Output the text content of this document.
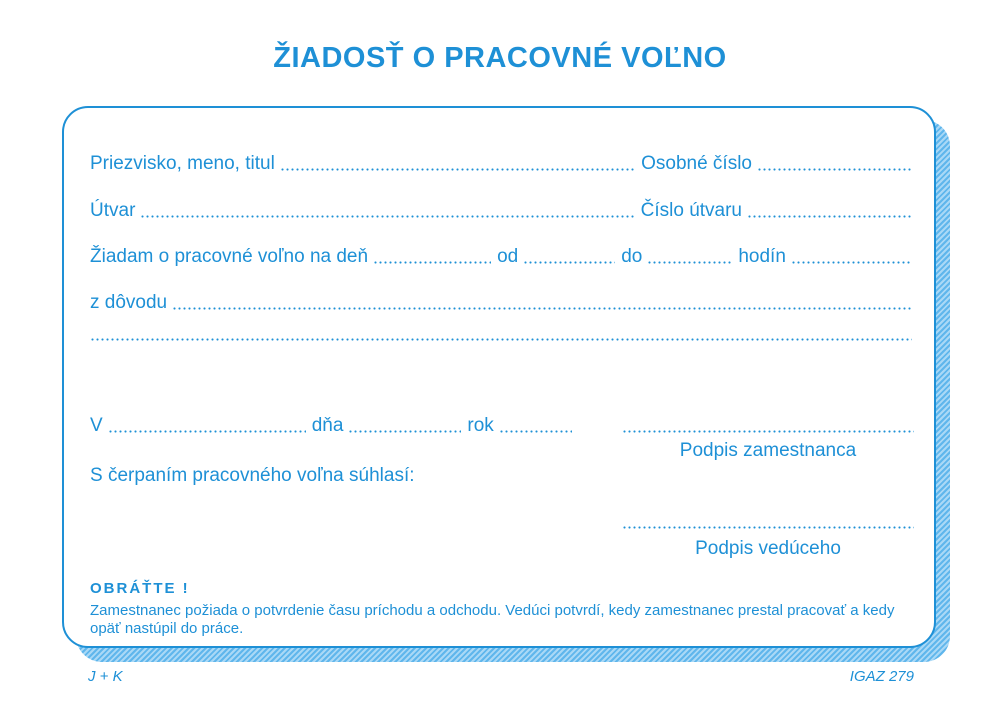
ŽIADOSŤ O PRACOVNÉ VOĽNO
Priezvisko, meno, titul	Osobné číslo
Útvar	Číslo útvaru
Žiadam o pracovné voľno na deň	od	do	hodín
z dôvodu
V	dňa	rok
Podpis zamestnanca
S čerpaním pracovného voľna súhlasí:
Podpis vedúceho
OBRÁŤTE !
Zamestnanec požiada o potvrdenie času príchodu a odchodu. Vedúci potvrdí, kedy zamestnanec prestal pracovať a kedy opäť nastúpil do práce.
J + K	IGAZ 279
